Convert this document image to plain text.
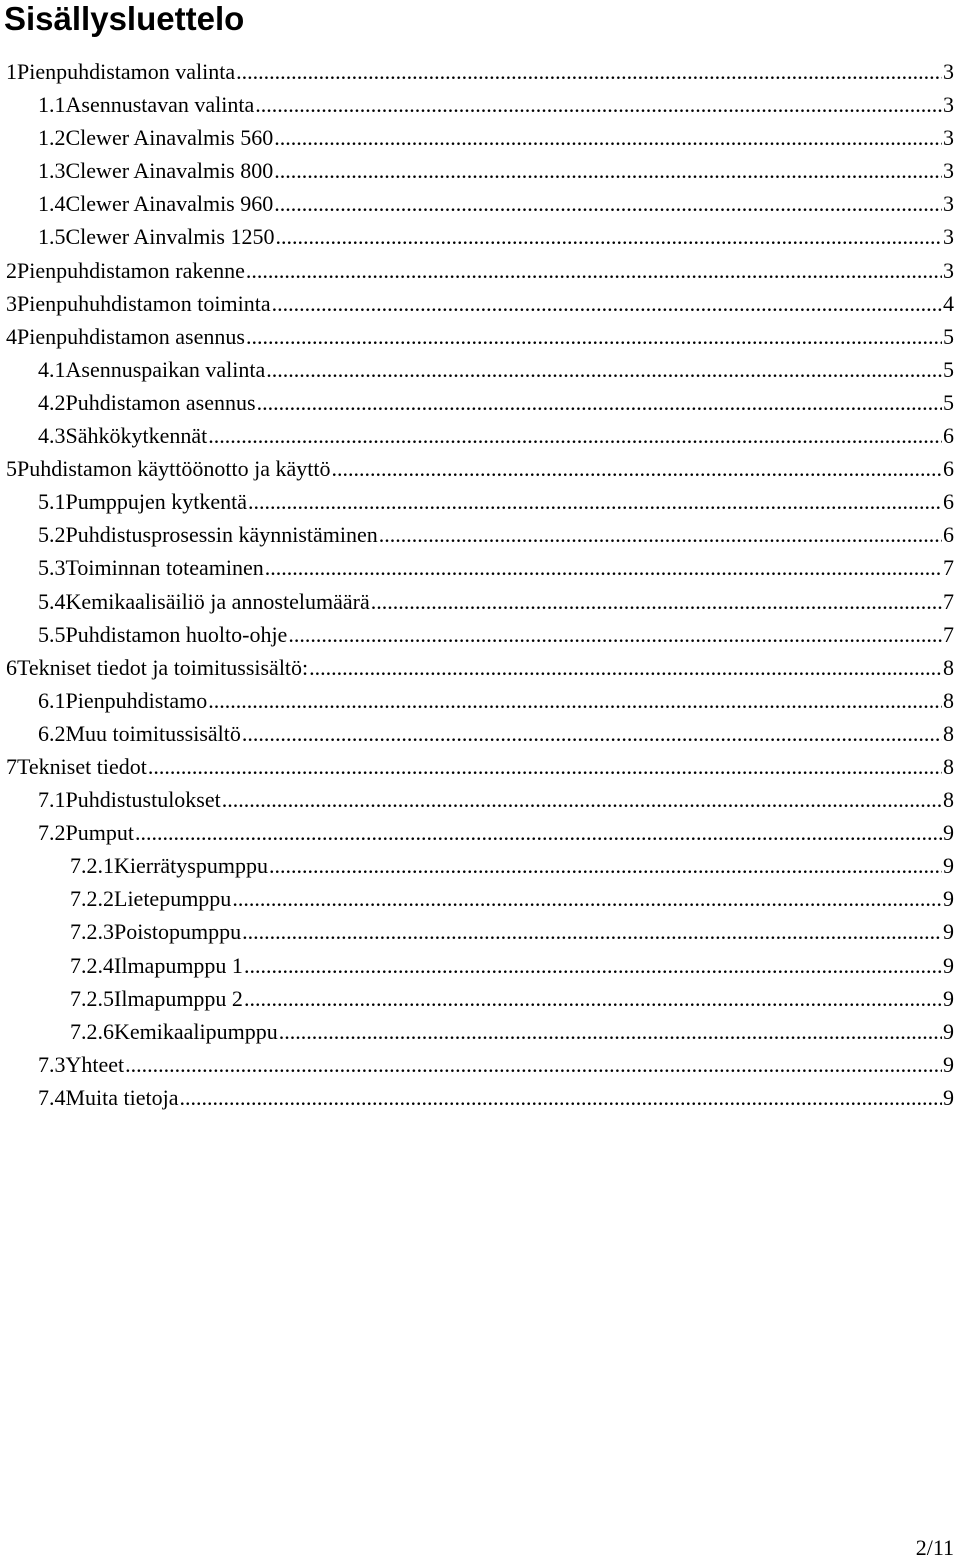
Sisällysluettelo
1 Pienpuhdistamon valinta .....	3
1.1 Asennustavan valinta .....	3
1.2 Clewer Ainavalmis 560 .....	3
1.3 Clewer Ainavalmis 800 .....	3
1.4 Clewer Ainavalmis 960 .....	3
1.5 Clewer Ainvalmis 1250 .....	3
2 Pienpuhdistamon rakenne .....	3
3 Pienpuhuhdistamon toiminta .....	4
4 Pienpuhdistamon asennus .....	5
4.1 Asennuspaikan valinta .....	5
4.2 Puhdistamon asennus .....	5
4.3 Sähkökytkennät .....	6
5 Puhdistamon käyttöönotto ja käyttö .....	6
5.1 Pumppujen kytkentä .....	6
5.2 Puhdistusprosessin käynnistäminen .....	6
5.3 Toiminnan toteaminen .....	7
5.4 Kemikaalisäiliö ja annostelumäärä .....	7
5.5 Puhdistamon huolto-ohje .....	7
6 Tekniset tiedot ja toimitussisältö: .....	8
6.1 Pienpuhdistamo .....	8
6.2 Muu toimitussisältö .....	8
7 Tekniset tiedot .....	8
7.1 Puhdistustulokset .....	8
7.2 Pumput .....	9
7.2.1 Kierrätyspumppu .....	9
7.2.2 Lietepumppu .....	9
7.2.3 Poistopumppu .....	9
7.2.4 Ilmapumppu 1 .....	9
7.2.5 Ilmapumppu 2 .....	9
7.2.6 Kemikaalipumppu .....	9
7.3 Yhteet .....	9
7.4 Muita tietoja .....	9
2/11
